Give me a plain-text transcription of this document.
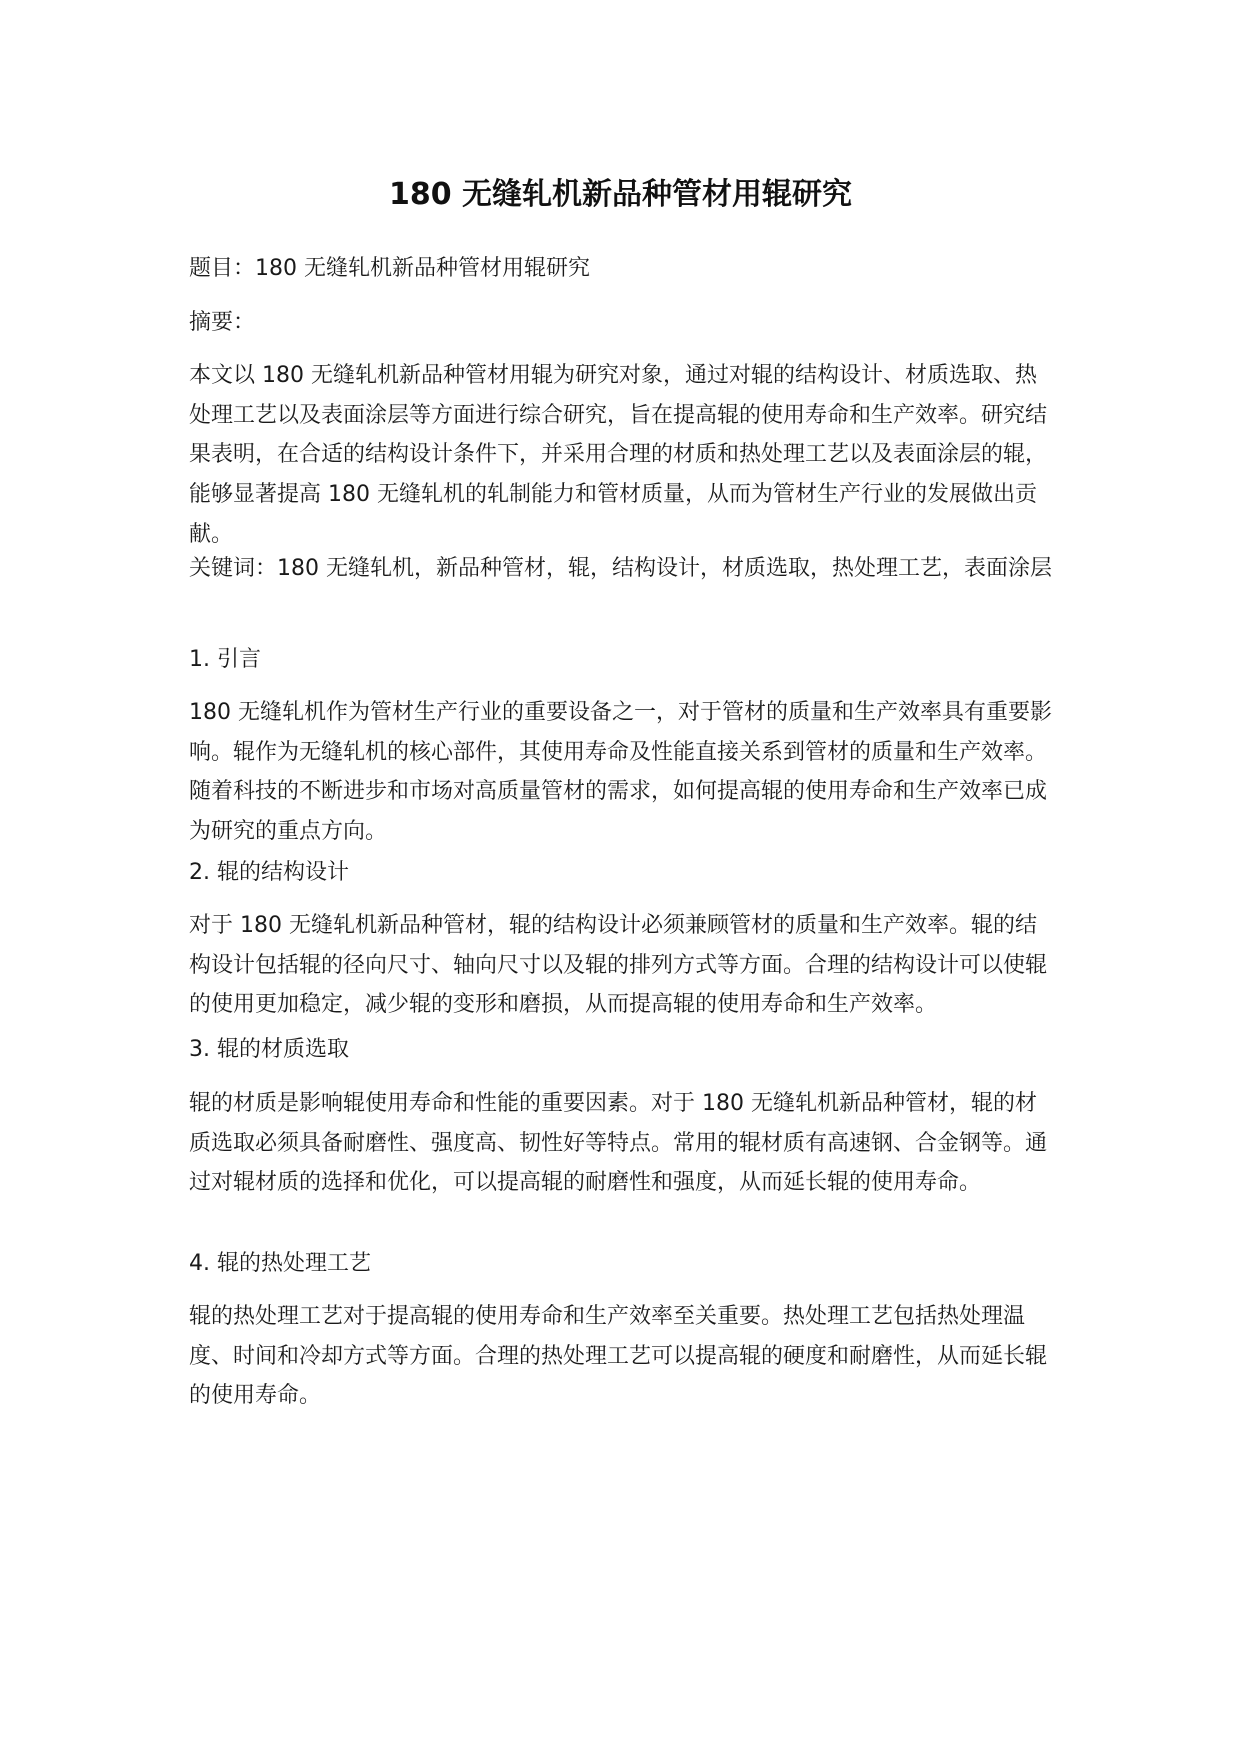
180 无缝轧机新品种管材用辊研究

题目：180 无缝轧机新品种管材用辊研究

摘要：

本文以 180 无缝轧机新品种管材用辊为研究对象，通过对辊的结构设计、材质选取、热处理工艺以及表面涂层等方面进行综合研究，旨在提高辊的使用寿命和生产效率。研究结果表明，在合适的结构设计条件下，并采用合理的材质和热处理工艺以及表面涂层的辊，能够显著提高 180 无缝轧机的轧制能力和管材质量，从而为管材生产行业的发展做出贡献。

关键词：180 无缝轧机，新品种管材，辊，结构设计，材质选取，热处理工艺，表面涂层

1. 引言

180 无缝轧机作为管材生产行业的重要设备之一，对于管材的质量和生产效率具有重要影响。辊作为无缝轧机的核心部件，其使用寿命及性能直接关系到管材的质量和生产效率。随着科技的不断进步和市场对高质量管材的需求，如何提高辊的使用寿命和生产效率已成为研究的重点方向。

2. 辊的结构设计

对于 180 无缝轧机新品种管材，辊的结构设计必须兼顾管材的质量和生产效率。辊的结构设计包括辊的径向尺寸、轴向尺寸以及辊的排列方式等方面。合理的结构设计可以使辊的使用更加稳定，减少辊的变形和磨损，从而提高辊的使用寿命和生产效率。

3. 辊的材质选取

辊的材质是影响辊使用寿命和性能的重要因素。对于 180 无缝轧机新品种管材，辊的材质选取必须具备耐磨性、强度高、韧性好等特点。常用的辊材质有高速钢、合金钢等。通过对辊材质的选择和优化，可以提高辊的耐磨性和强度，从而延长辊的使用寿命。

4. 辊的热处理工艺

辊的热处理工艺对于提高辊的使用寿命和生产效率至关重要。热处理工艺包括热处理温度、时间和冷却方式等方面。合理的热处理工艺可以提高辊的硬度和耐磨性，从而延长辊的使用寿命。
